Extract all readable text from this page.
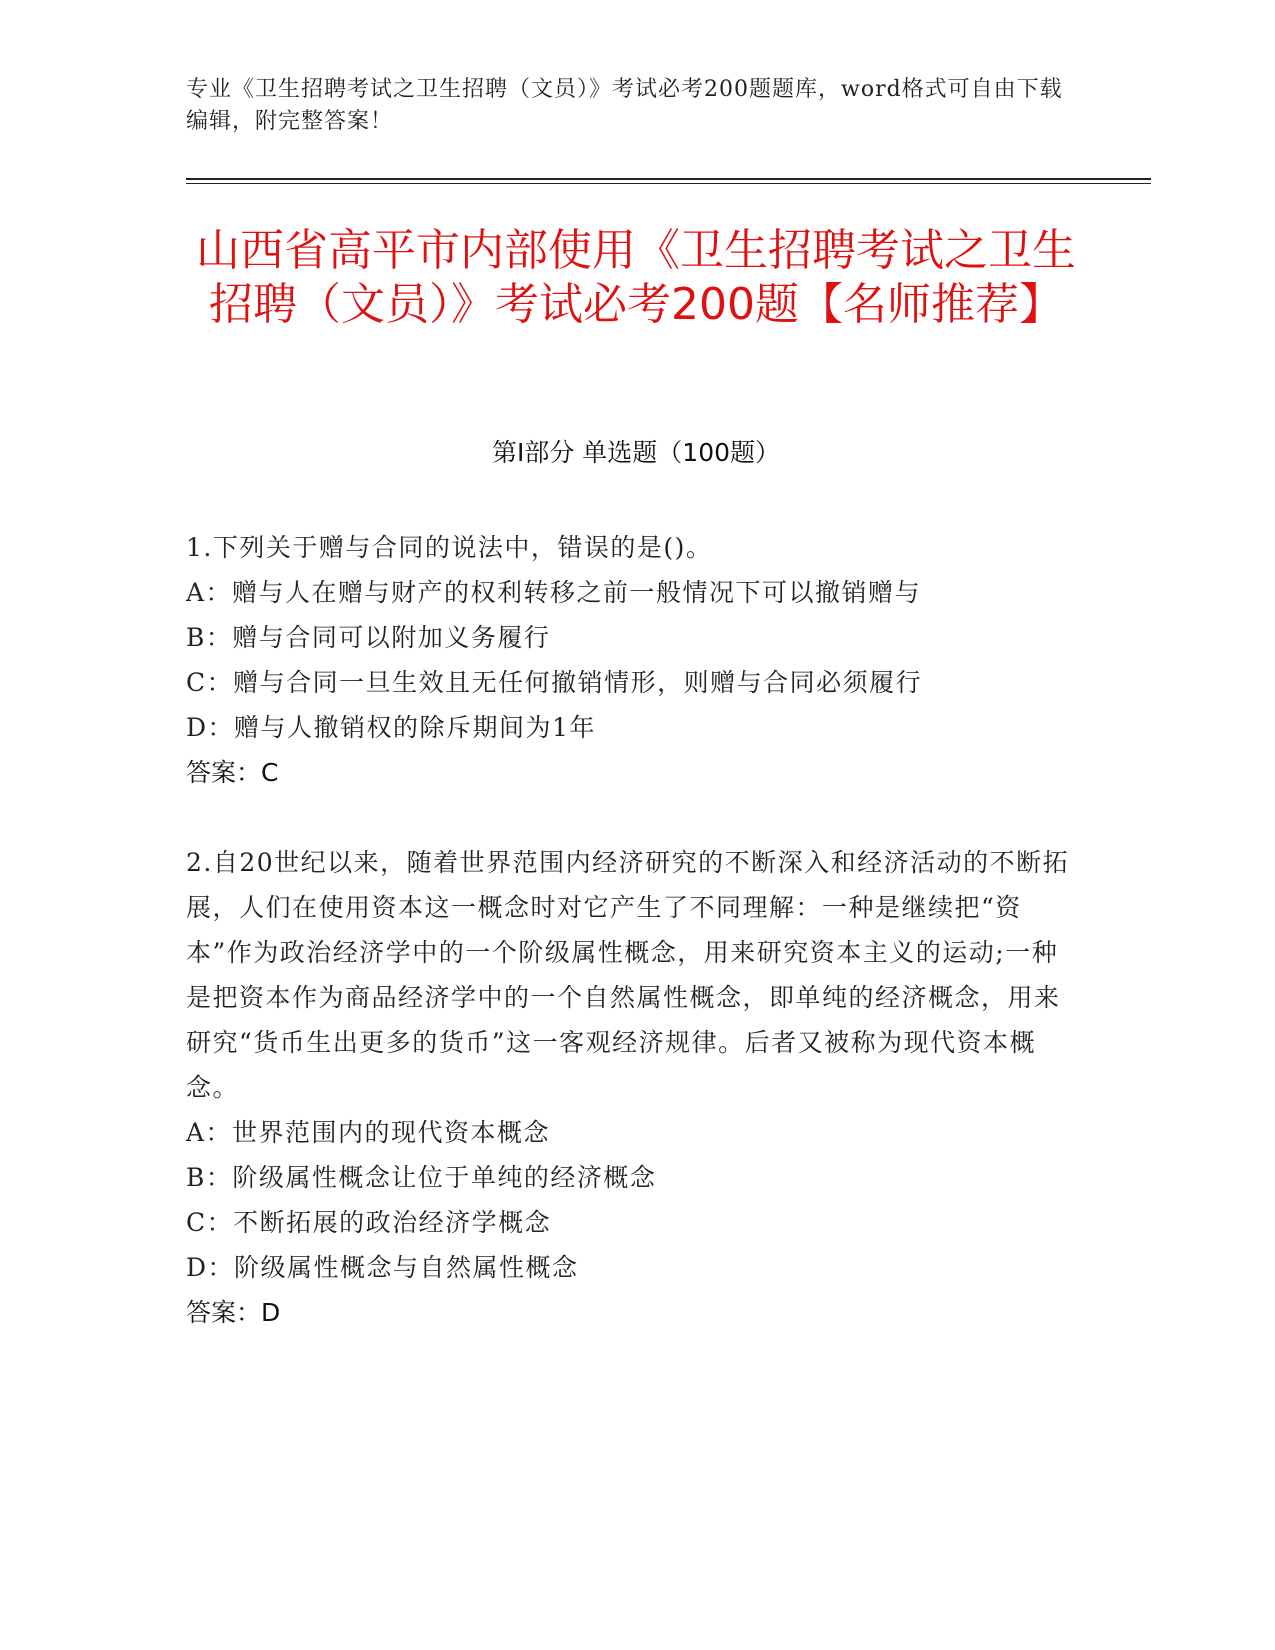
专业《卫生招聘考试之卫生招聘（文员）》考试必考200题题库，word格式可自由下载编辑，附完整答案！
山西省高平市内部使用《卫生招聘考试之卫生招聘（文员）》考试必考200题【名师推荐】
第I部分 单选题（100题）
1.下列关于赠与合同的说法中，错误的是()。
A：赠与人在赠与财产的权利转移之前一般情况下可以撤销赠与
B：赠与合同可以附加义务履行
C：赠与合同一旦生效且无任何撤销情形，则赠与合同必须履行
D：赠与人撤销权的除斥期间为1年
答案：C
2.自20世纪以来，随着世界范围内经济研究的不断深入和经济活动的不断拓展，人们在使用资本这一概念时对它产生了不同理解：一种是继续把“资本”作为政治经济学中的一个阶级属性概念，用来研究资本主义的运动;一种是把资本作为商品经济学中的一个自然属性概念，即单纯的经济概念，用来研究“货币生出更多的货币”这一客观经济规律。后者又被称为现代资本概念。
A：世界范围内的现代资本概念
B：阶级属性概念让位于单纯的经济概念
C：不断拓展的政治经济学概念
D：阶级属性概念与自然属性概念
答案：D
